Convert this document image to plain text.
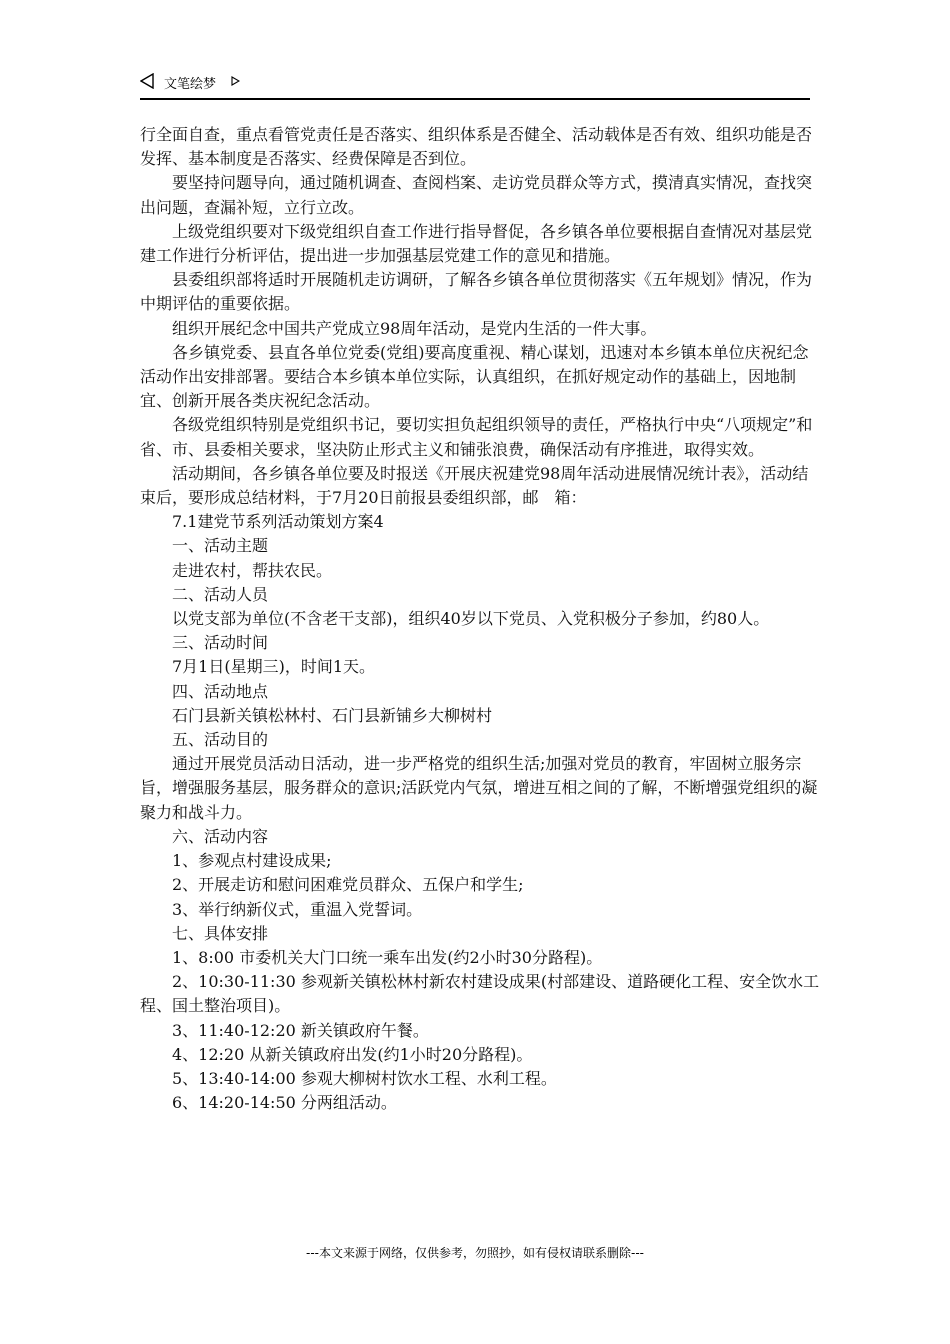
文笔绘梦

行全面自查，重点看管党责任是否落实、组织体系是否健全、活动载体是否有效、组织功能是否发挥、基本制度是否落实、经费保障是否到位。

要坚持问题导向，通过随机调查、查阅档案、走访党员群众等方式，摸清真实情况，查找突出问题，查漏补短，立行立改。

上级党组织要对下级党组织自查工作进行指导督促，各乡镇各单位要根据自查情况对基层党建工作进行分析评估，提出进一步加强基层党建工作的意见和措施。

县委组织部将适时开展随机走访调研，了解各乡镇各单位贯彻落实《五年规划》情况，作为中期评估的重要依据。

组织开展纪念中国共产党成立98周年活动，是党内生活的一件大事。

各乡镇党委、县直各单位党委(党组)要高度重视、精心谋划，迅速对本乡镇本单位庆祝纪念活动作出安排部署。要结合本乡镇本单位实际，认真组织，在抓好规定动作的基础上，因地制宜、创新开展各类庆祝纪念活动。

各级党组织特别是党组织书记，要切实担负起组织领导的责任，严格执行中央“八项规定”和省、市、县委相关要求，坚决防止形式主义和铺张浪费，确保活动有序推进，取得实效。

活动期间，各乡镇各单位要及时报送《开展庆祝建党98周年活动进展情况统计表》，活动结束后，要形成总结材料，于7月20日前报县委组织部，邮　箱：

7.1建党节系列活动策划方案4

一、活动主题

走进农村，帮扶农民。

二、活动人员

以党支部为单位(不含老干支部)，组织40岁以下党员、入党积极分子参加，约80人。

三、活动时间

7月1日(星期三)，时间1天。

四、活动地点

石门县新关镇松林村、石门县新铺乡大柳树村

五、活动目的

通过开展党员活动日活动，进一步严格党的组织生活;加强对党员的教育，牢固树立服务宗旨，增强服务基层，服务群众的意识;活跃党内气氛，增进互相之间的了解，不断增强党组织的凝聚力和战斗力。

六、活动内容

1、参观点村建设成果;

2、开展走访和慰问困难党员群众、五保户和学生;

3、举行纳新仪式，重温入党誓词。

七、具体安排

1、8:00 市委机关大门口统一乘车出发(约2小时30分路程)。

2、10:30-11:30 参观新关镇松林村新农村建设成果(村部建设、道路硬化工程、安全饮水工程、国土整治项目)。

3、11:40-12:20 新关镇政府午餐。

4、12:20 从新关镇政府出发(约1小时20分路程)。

5、13:40-14:00 参观大柳树村饮水工程、水利工程。

6、14:20-14:50 分两组活动。

---本文来源于网络，仅供参考，勿照抄，如有侵权请联系删除---
